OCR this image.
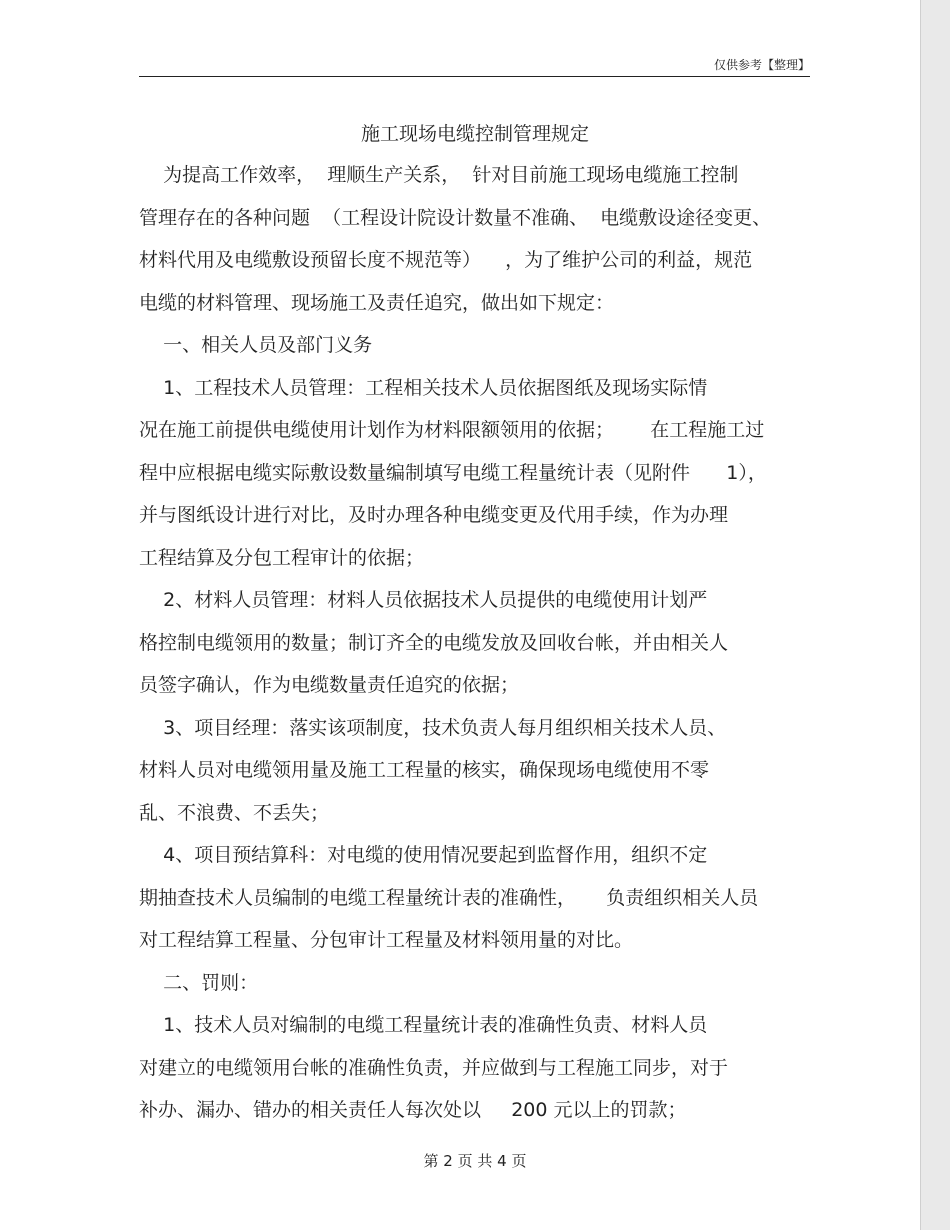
仅供参考【整理】
施工现场电缆控制管理规定
为提高工作效率，  理顺生产关系，  针对目前施工现场电缆施工控制
管理存在的各种问题  （工程设计院设计数量不准确、  电缆敷设途径变更、
材料代用及电缆敷设预留长度不规范等）    ，为了维护公司的利益，规范
电缆的材料管理、现场施工及责任追究，做出如下规定：
一、相关人员及部门义务
1、工程技术人员管理：工程相关技术人员依据图纸及现场实际情
况在施工前提供电缆使用计划作为材料限额领用的依据；      在工程施工过
程中应根据电缆实际敷设数量编制填写电缆工程量统计表（见附件      1），
并与图纸设计进行对比，及时办理各种电缆变更及代用手续，作为办理
工程结算及分包工程审计的依据；
2、材料人员管理：材料人员依据技术人员提供的电缆使用计划严
格控制电缆领用的数量；制订齐全的电缆发放及回收台帐，并由相关人
员签字确认，作为电缆数量责任追究的依据；
3、项目经理：落实该项制度，技术负责人每月组织相关技术人员、
材料人员对电缆领用量及施工工程量的核实，确保现场电缆使用不零
乱、不浪费、不丢失；
4、项目预结算科：对电缆的使用情况要起到监督作用，组织不定
期抽查技术人员编制的电缆工程量统计表的准确性，     负责组织相关人员
对工程结算工程量、分包审计工程量及材料领用量的对比。
二、罚则：
1、技术人员对编制的电缆工程量统计表的准确性负责、材料人员
对建立的电缆领用台帐的准确性负责，并应做到与工程施工同步，对于
补办、漏办、错办的相关责任人每次处以     200 元以上的罚款；
第 2 页 共 4 页
